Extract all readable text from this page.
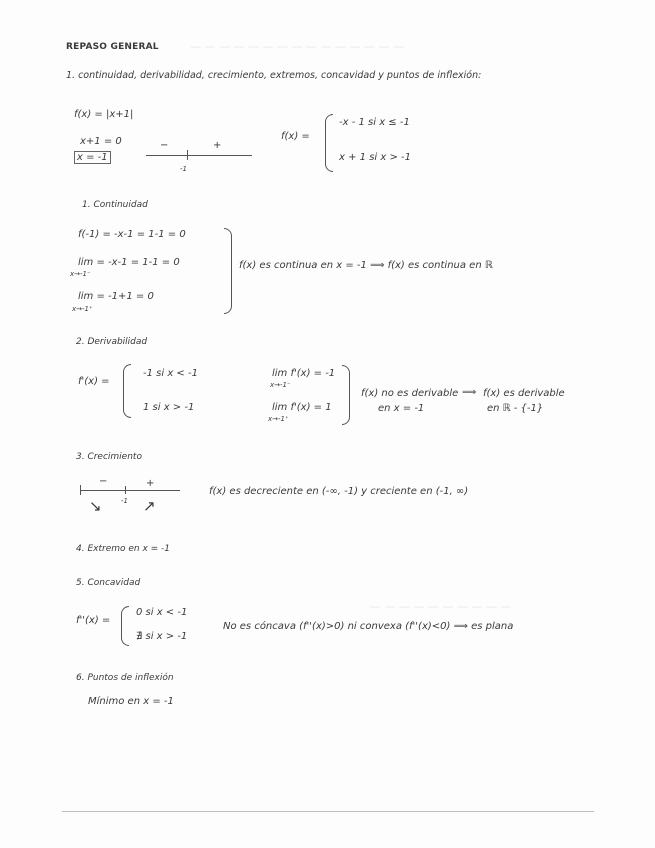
— — — — — — — — — — — — — — —
— — — — — — — — — —
REPASO GENERAL
1. continuidad, derivabilidad, crecimiento, extremos, concavidad y puntos de inflexión:
f(x) = |x+1|
x+1 = 0
x = -1
−	+
-1
f(x) =
-x - 1 si x ≤ -1
x + 1 si x > -1
1. Continuidad
f(-1) = -x-1 = 1-1 = 0
lim = -x-1 = 1-1 = 0
x→-1⁻
lim = -1+1 = 0
x→-1⁺
f(x) es continua en x = -1 ⟹ f(x) es continua en ℝ
2. Derivabilidad
f'(x) =
-1 si x < -1
1 si x > -1
lim f'(x) = -1
x→-1⁻
lim f'(x) = 1
x→-1⁺
f(x) no es derivable
en x = -1
⟹ f(x) es derivable
en ℝ - {-1}
3. Crecimiento
−	+
-1
↘	↗
f(x) es decreciente en (-∞, -1) y creciente en (-1, ∞)
4. Extremo en x = -1
5. Concavidad
f''(x) =
0 si x < -1
∄ si x > -1
No es cóncava (f''(x)>0) ni convexa (f''(x)<0) ⟹ es plana
6. Puntos de inflexión
Mínimo en x = -1
